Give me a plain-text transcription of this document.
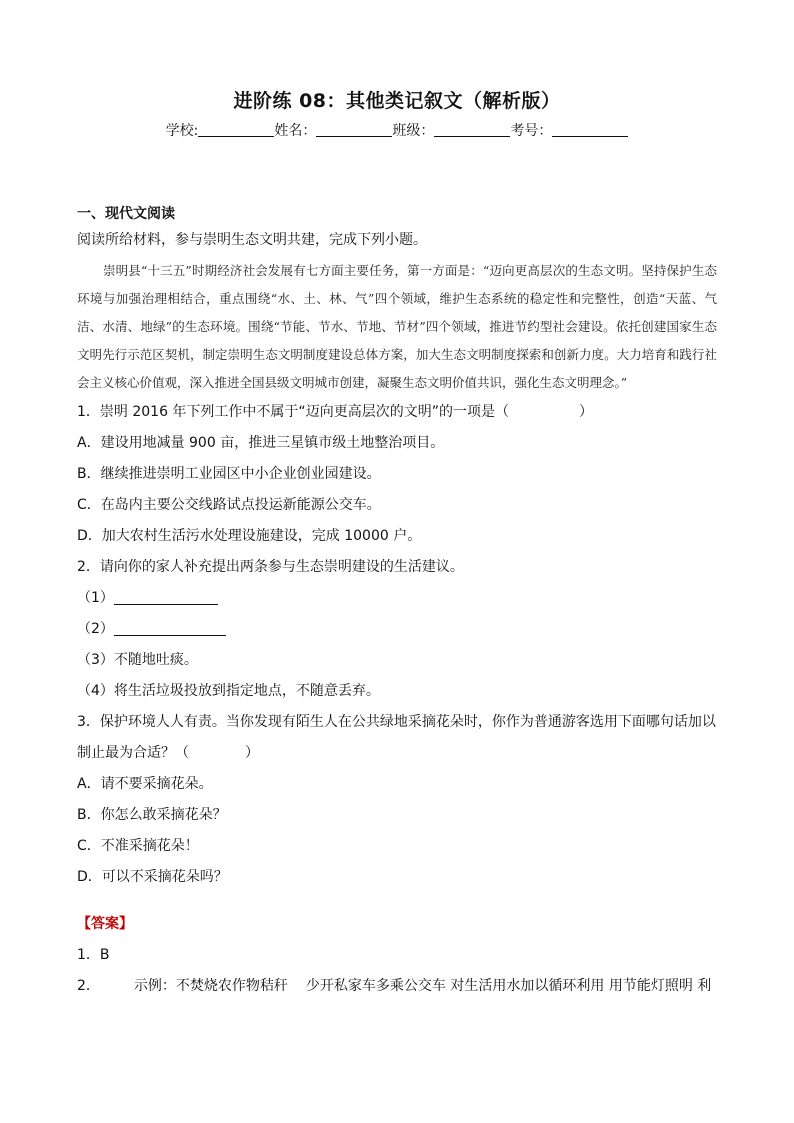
进阶练 08：其他类记叙文（解析版）
学校:	姓名：	班级：	考号：
一、现代文阅读
阅读所给材料，参与崇明生态文明共建，完成下列小题。
崇明县“十三五”时期经济社会发展有七方面主要任务，第一方面是：“迈向更高层次的生态文明。坚持保护生态环境与加强治理相结合，重点围绕“水、土、林、气”四个领域，维护生态系统的稳定性和完整性，创造“天蓝、气洁、水清、地绿”的生态环境。围绕“节能、节水、节地、节材”四个领域，推进节约型社会建设。依托创建国家生态文明先行示范区契机，制定崇明生态文明制度建设总体方案，加大生态文明制度探索和创新力度。大力培育和践行社会主义核心价值观，深入推进全国县级文明城市创建，凝聚生态文明价值共识，强化生态文明理念。”
1．崇明 2016 年下列工作中不属于“迈向更高层次的文明”的一项是（　　　　　）
A．建设用地减量 900 亩，推进三星镇市级土地整治项目。
B．继续推进崇明工业园区中小企业创业园建设。
C．在岛内主要公交线路试点投运新能源公交车。
D．加大农村生活污水处理设施建设，完成 10000 户。
2．请向你的家人补充提出两条参与生态崇明建设的生活建议。
（1）
（2）
（3）不随地吐痰。
（4）将生活垃圾投放到指定地点，不随意丢弃。
3．保护环境人人有责。当你发现有陌生人在公共绿地采摘花朵时，你作为普通游客选用下面哪句话加以
制止最为合适？（　　　　）
A．请不要采摘花朵。
B．你怎么敢采摘花朵？
C．不准采摘花朵！
D．可以不采摘花朵吗？
【答案】
1．B
2． 示例：不焚烧农作物秸秆 少开私家车多乘公交车 对生活用水加以循环利用 用节能灯照明 利
